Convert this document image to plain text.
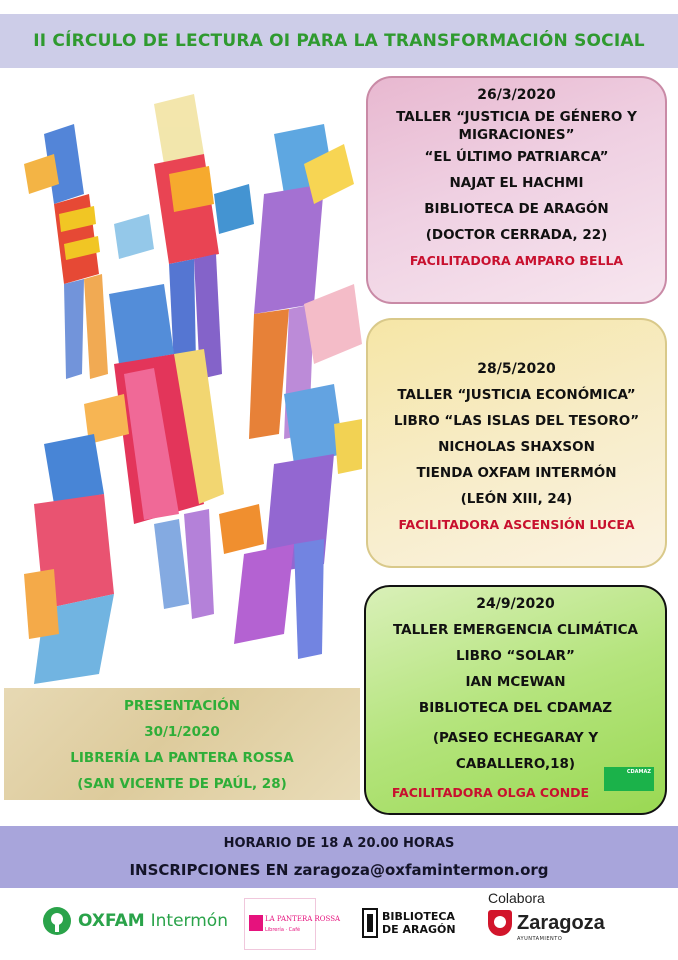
II CÍRCULO DE LECTURA OI PARA LA TRANSFORMACIÓN SOCIAL
PRESENTACIÓN
30/1/2020
LIBRERÍA LA PANTERA ROSSA
(SAN VICENTE DE PAÚL, 28)
26/3/2020
TALLER “JUSTICIA DE GÉNERO Y MIGRACIONES”
“EL ÚLTIMO PATRIARCA”
NAJAT EL HACHMI
BIBLIOTECA DE ARAGÓN
(DOCTOR CERRADA, 22)
FACILITADORA AMPARO BELLA
28/5/2020
TALLER “JUSTICIA ECONÓMICA”
LIBRO “LAS ISLAS DEL TESORO”
NICHOLAS SHAXSON
TIENDA OXFAM INTERMÓN
(LEÓN XIII, 24)
FACILITADORA ASCENSIÓN LUCEA
24/9/2020
TALLER EMERGENCIA CLIMÁTICA
LIBRO “SOLAR”
IAN MCEWAN
BIBLIOTECA DEL CDAMAZ
(PASEO ECHEGARAY Y CABALLERO,18)
FACILITADORA OLGA CONDE
CDAMAZ
HORARIO DE 18 A 20.00 HORAS
INSCRIPCIONES EN zaragoza@oxfamintermon.org
OXFAM Intermón	LA PANTERA ROSSA
Librería · Café
BIBLIOTECA
DE ARAGÓN
Colabora
Zaragoza
AYUNTAMIENTO
